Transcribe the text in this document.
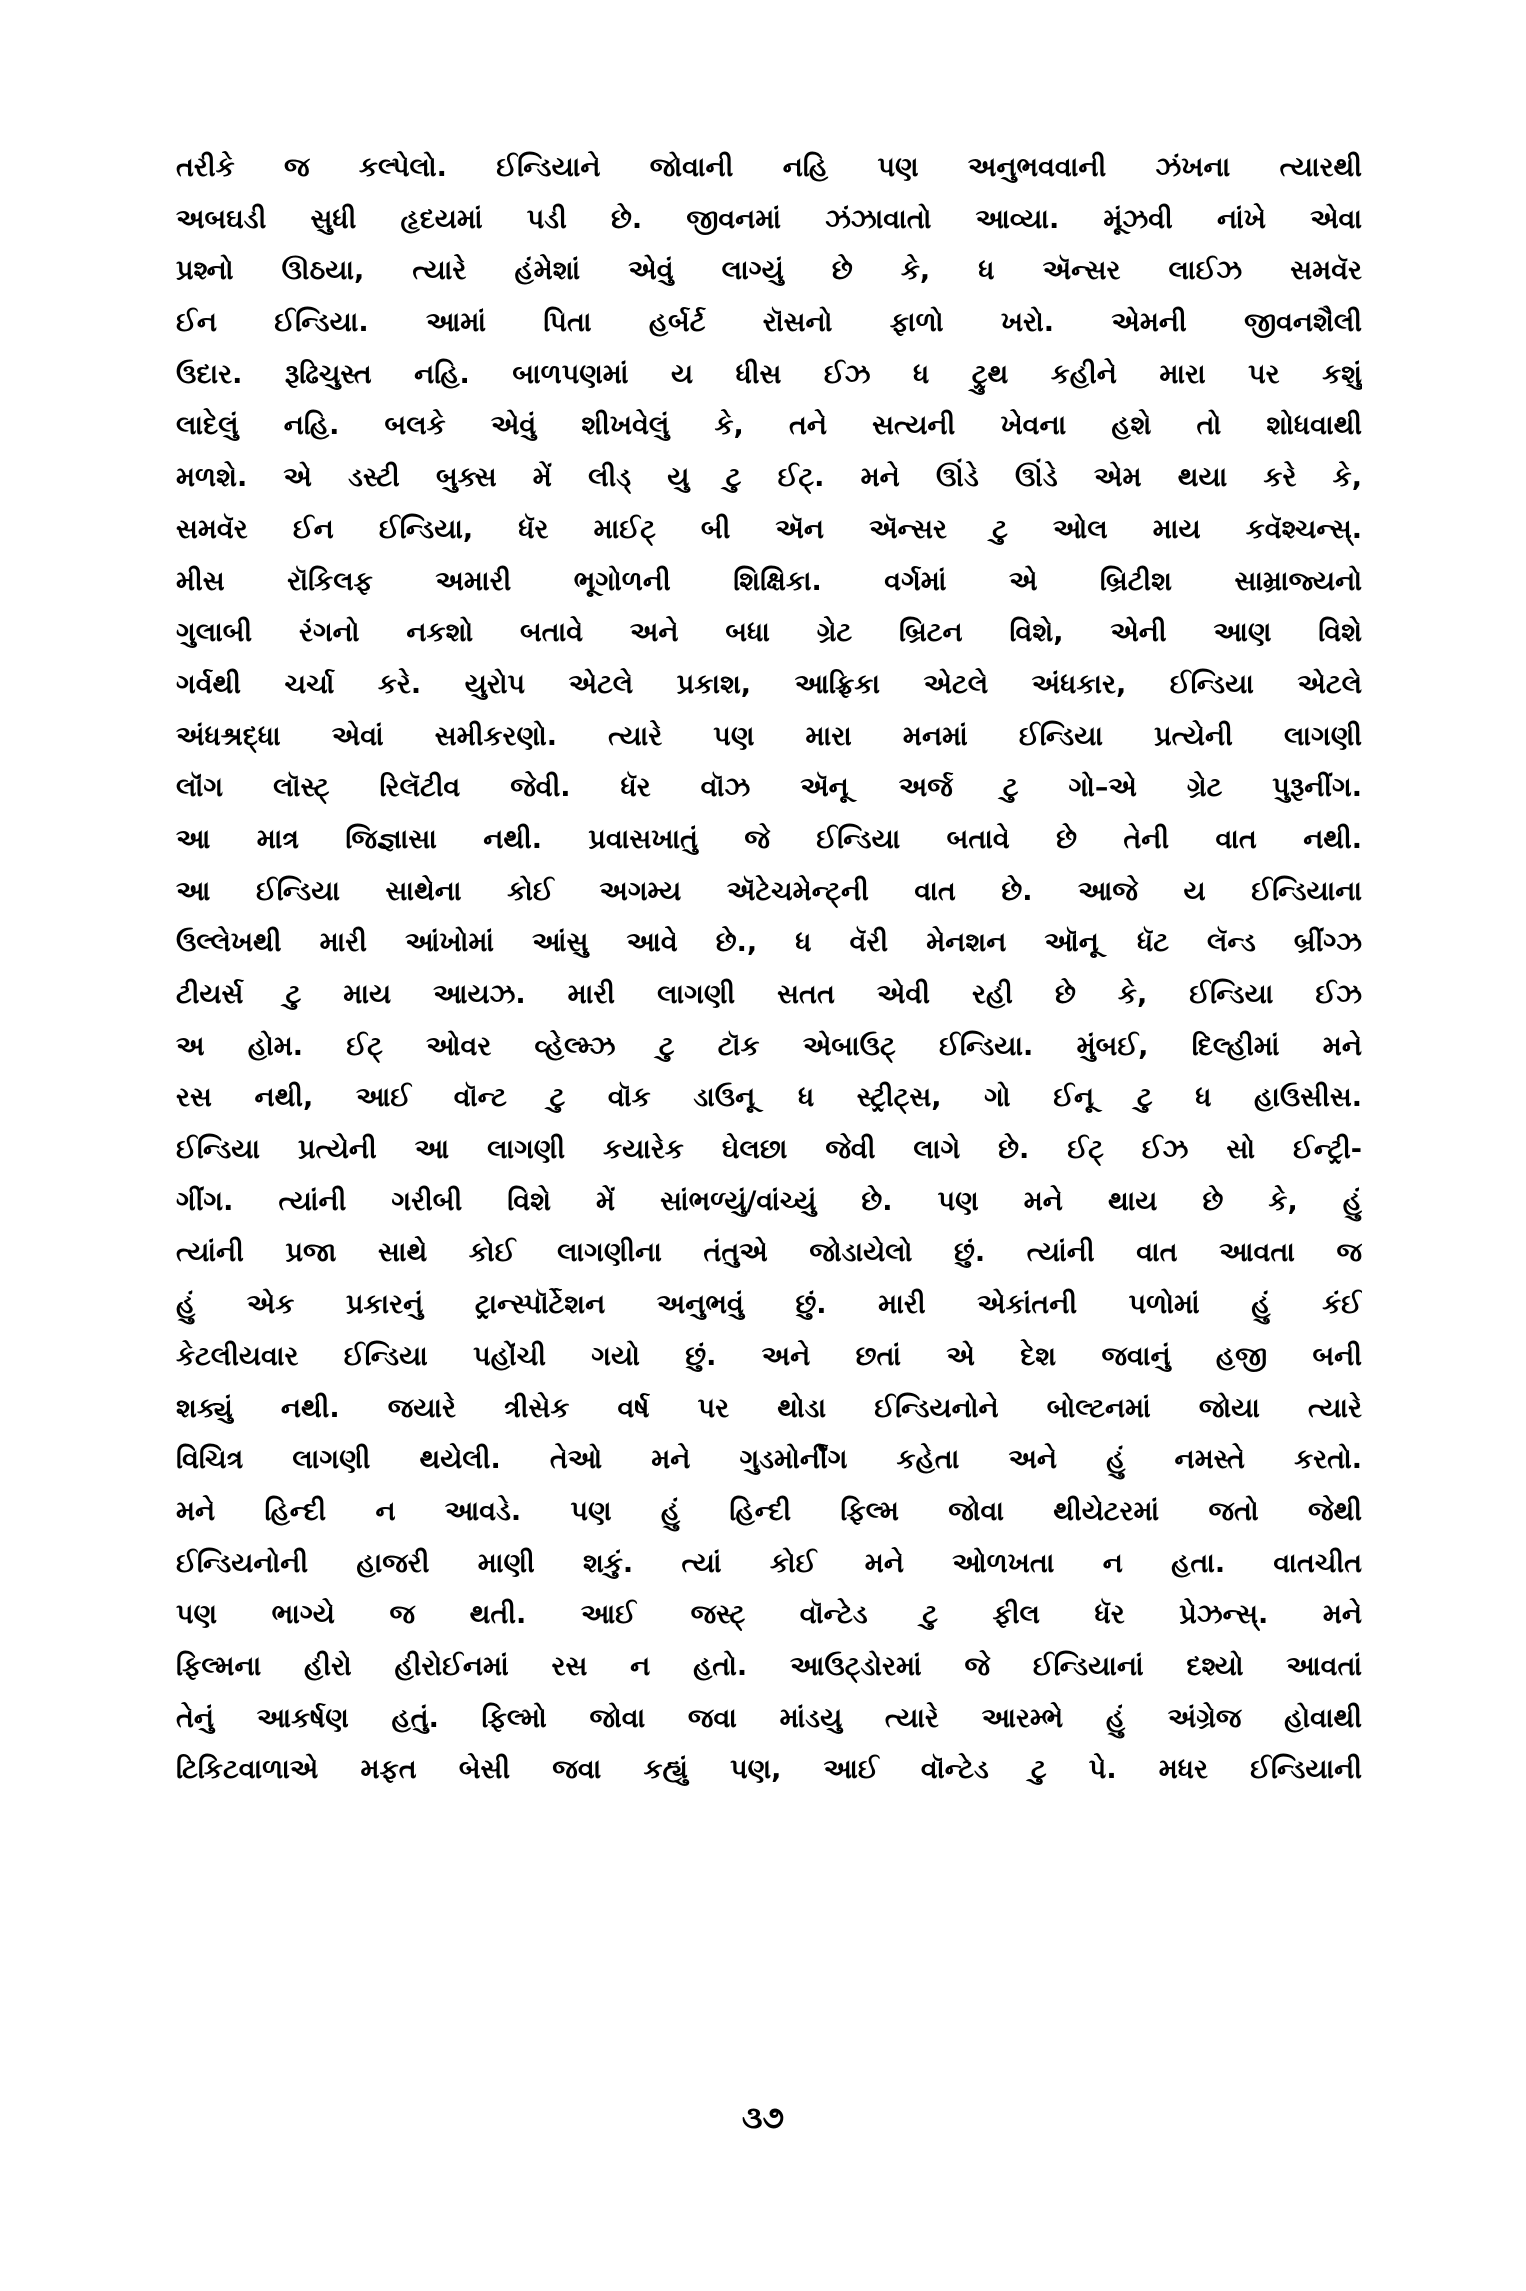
તરીકે જ કલ્પેલો. ઈન્ડિયાને જોવાની નહિ પણ અનુભવવાની ઝંખના ત્યારથી
અબઘડી સુધી હૃદયમાં પડી છે. જીવનમાં ઝંઝાવાતો આવ્યા. મૂંઝવી નાંખે એવા
પ્રશ્નો ઊઠયા, ત્યારે હંમેશાં એવું લાગ્યું છે કે, ધ ઍન્સર લાઈઝ સમવૅર
ઈન ઈન્ડિયા. આમાં પિતા હર્બર્ટ રૉસનો ફાળો ખરો. એમની જીવનશૈલી
ઉદાર. રૂઢિચુસ્ત નહિ. બાળપણમાં ય ધીસ ઈઝ ધ ટ્રુથ કહીને મારા પર કશું
લાદેલું નહિ. બલકે એવું શીખવેલું કે, તને સત્યની ખેવના હશે તો શોધવાથી
મળશે. એ ડસ્ટી બુક્સ મેં લીડ્ યુ ટુ ઈટ્. મને ઊંડે ઊંડે એમ થયા કરે કે,
સમવૅર ઈન ઈન્ડિયા, ધૅર માઈટ્ બી ઍન ઍન્સર ટુ ઓલ માય કવૅશ્ચન્સ્.
મીસ રૉકિલફ અમારી ભૂગોળની શિક્ષિકા. વર્ગમાં એ બ્રિટીશ સામ્રાજ્યનો
ગુલાબી રંગનો નકશો બતાવે અને બધા ગ્રેટ બ્રિટન વિશે, એની આણ વિશે
ગર્વથી ચર્ચા કરે. યુરોપ એટલે પ્રકાશ, આફ્રિકા એટલે અંધકાર, ઈન્ડિયા એટલે
અંધશ્રદ્ધા એવાં સમીકરણો. ત્યારે પણ મારા મનમાં ઈન્ડિયા પ્રત્યેની લાગણી
લૉંગ લૉસ્ટ્ રિલૅટીવ જેવી. ધૅર વૉઝ ઍનૂ અર્જ ટુ ગો–એ ગ્રેટ પુરૂનીંગ.
આ માત્ર જિજ્ઞાસા નથી. પ્રવાસખાતું જે ઈન્ડિયા બતાવે છે તેની વાત નથી.
આ ઈન્ડિયા સાથેના કોઈ અગમ્ય ઍટેચમેન્ટ્ની વાત છે. આજે ય ઈન્ડિયાના
ઉલ્લેખથી મારી આંખોમાં આંસુ આવે છે., ધ વૅરી મેનશન ઑનૂ ધૅટ લૅન્ડ બ્રીંગ્ઝ
ટીયર્સ ટુ માય આયઝ. મારી લાગણી સતત એવી રહી છે કે, ઈન્ડિયા ઈઝ
અ હોમ. ઈટ્ ઓવર વ્હેલ્મ્ઝ ટુ ટૉક એબાઉટ્ ઈન્ડિયા. મુંબઈ, દિલ્હીમાં મને
રસ નથી, આઈ વૉન્ટ ટુ વૉક ડાઉનૂ ધ સ્ટ્રીટ્સ, ગો ઈનૂ ટુ ધ હાઉસીસ.
ઈન્ડિયા પ્રત્યેની આ લાગણી કયારેક ઘેલછા જેવી લાગે છે. ઈટ્ ઈઝ સો ઈન્ટ્રી-
ગીંગ. ત્યાંની ગરીબી વિશે મેં સાંભળ્યું/વાંચ્યું છે. પણ મને થાય છે કે, હું
ત્યાંની પ્રજા સાથે કોઈ લાગણીના તંતુએ જોડાયેલો છું. ત્યાંની વાત આવતા જ
હું એક પ્રકારનું ટ્રાન્સ્પૉર્ટેશન અનુભવું છું. મારી એકાંતની પળોમાં હું કંઈ
કેટલીયવાર ઈન્ડિયા પહોંચી ગયો છું. અને છતાં એ દેશ જવાનું હજી બની
શક્યું નથી. જયારે ત્રીસેક વર્ષ પર થોડા ઈન્ડિયનોને બોલ્ટનમાં જોયા ત્યારે
વિચિત્ર લાગણી થયેલી. તેઓ મને ગુડમોર્નીંગ કહેતા અને હું નમસ્તે કરતો.
મને હિન્દી ન આવડે. પણ હું હિન્દી ફિલ્મ જોવા થીયેટરમાં જતો જેથી
ઈન્ડિયનોની હાજરી માણી શકું. ત્યાં કોઈ મને ઓળખતા ન હતા. વાતચીત
પણ ભાગ્યે જ થતી. આઈ જસ્ટ્ વૉન્ટેડ ટુ ફીલ ધૅર પ્રેઝન્સ્. મને
ફિલ્મના હીરો હીરોઈનમાં રસ ન હતો. આઉટ્ડોરમાં જે ઈન્ડિયાનાં દશ્યો આવતાં
તેનું આકર્ષણ હતું. ફિલ્મો જોવા જવા માંડયુ ત્યારે આરમ્ભે હું અંગ્રેજ હોવાથી
ટિકિટવાળાએ મફત બેસી જવા કહ્યું પણ, આઈ વૉન્ટેડ ટુ પે. મધર ઈન્ડિયાની
૩૭
